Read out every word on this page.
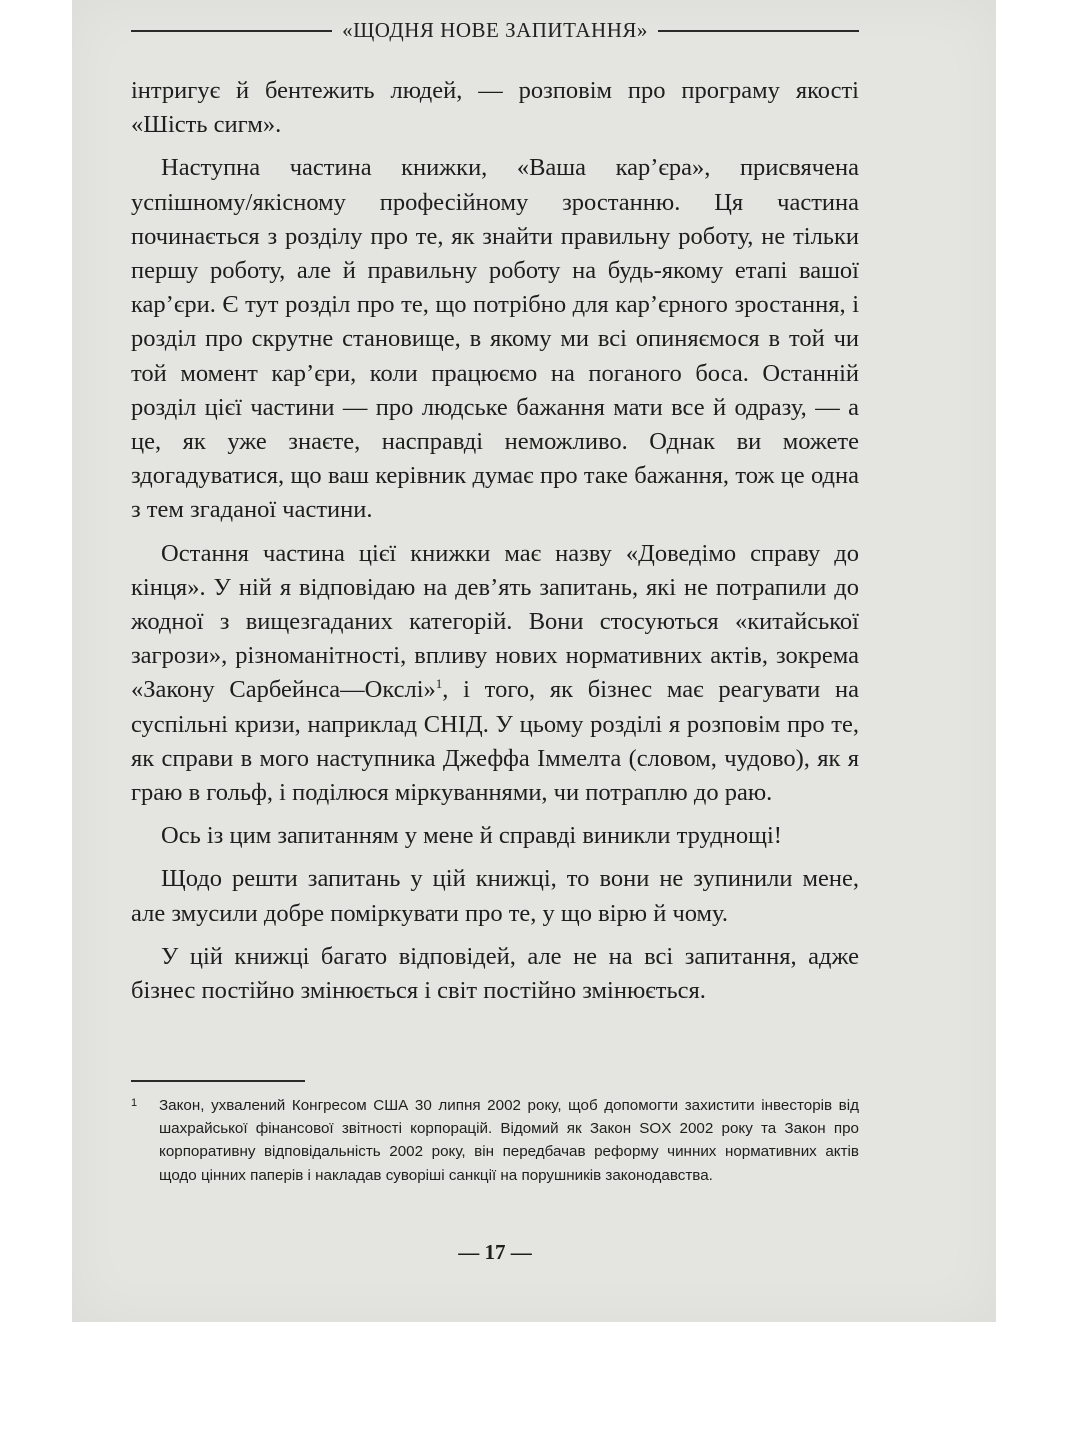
«ЩОДНЯ НОВЕ ЗАПИТАННЯ»

інтригує й бентежить людей, — розповім про програму якості «Шість сигм».

Наступна частина книжки, «Ваша кар’єра», присвячена успішному/якісному професійному зростанню. Ця частина починається з розділу про те, як знайти правильну роботу, не тільки першу роботу, але й правильну роботу на будь-якому етапі вашої кар’єри. Є тут розділ про те, що потрібно для кар’єрного зростання, і розділ про скрутне становище, в якому ми всі опиняємося в той чи той момент кар’єри, коли працюємо на поганого боса. Останній розділ цієї частини — про людське бажання мати все й одразу, — а це, як уже знаєте, насправді неможливо. Однак ви можете здогадуватися, що ваш керівник думає про таке бажання, тож це одна з тем згаданої частини.

Остання частина цієї книжки має назву «Доведімо справу до кінця». У ній я відповідаю на дев’ять запитань, які не потрапили до жодної з вищезгаданих категорій. Вони стосуються «китайської загрози», різноманітності, впливу нових нормативних актів, зокрема «Закону Сарбейнса—Окслі»$^1$, і того, як бізнес має реагувати на суспільні кризи, наприклад СНІД. У цьому розділі я розповім про те, як справи в мого наступника Джеффа Іммелта (словом, чудово), як я граю в гольф, і поділюся міркуваннями, чи потраплю до раю.

Ось із цим запитанням у мене й справді виникли труднощі!

Щодо решти запитань у цій книжці, то вони не зупинили мене, але змусили добре поміркувати про те, у що вірю й чому.

У цій книжці багато відповідей, але не на всі запитання, адже бізнес постійно змінюється і світ постійно змінюється.

1	Закон, ухвалений Конгресом США 30 липня 2002 року, щоб допомогти захистити інвесторів від шахрайської фінансової звітності корпорацій. Відомий як Закон SOX 2002 року та Закон про корпоративну відповідальність 2002 року, він передбачав реформу чинних нормативних актів щодо цінних паперів і накладав суворіші санкції на порушників законодавства.
— 17 —
